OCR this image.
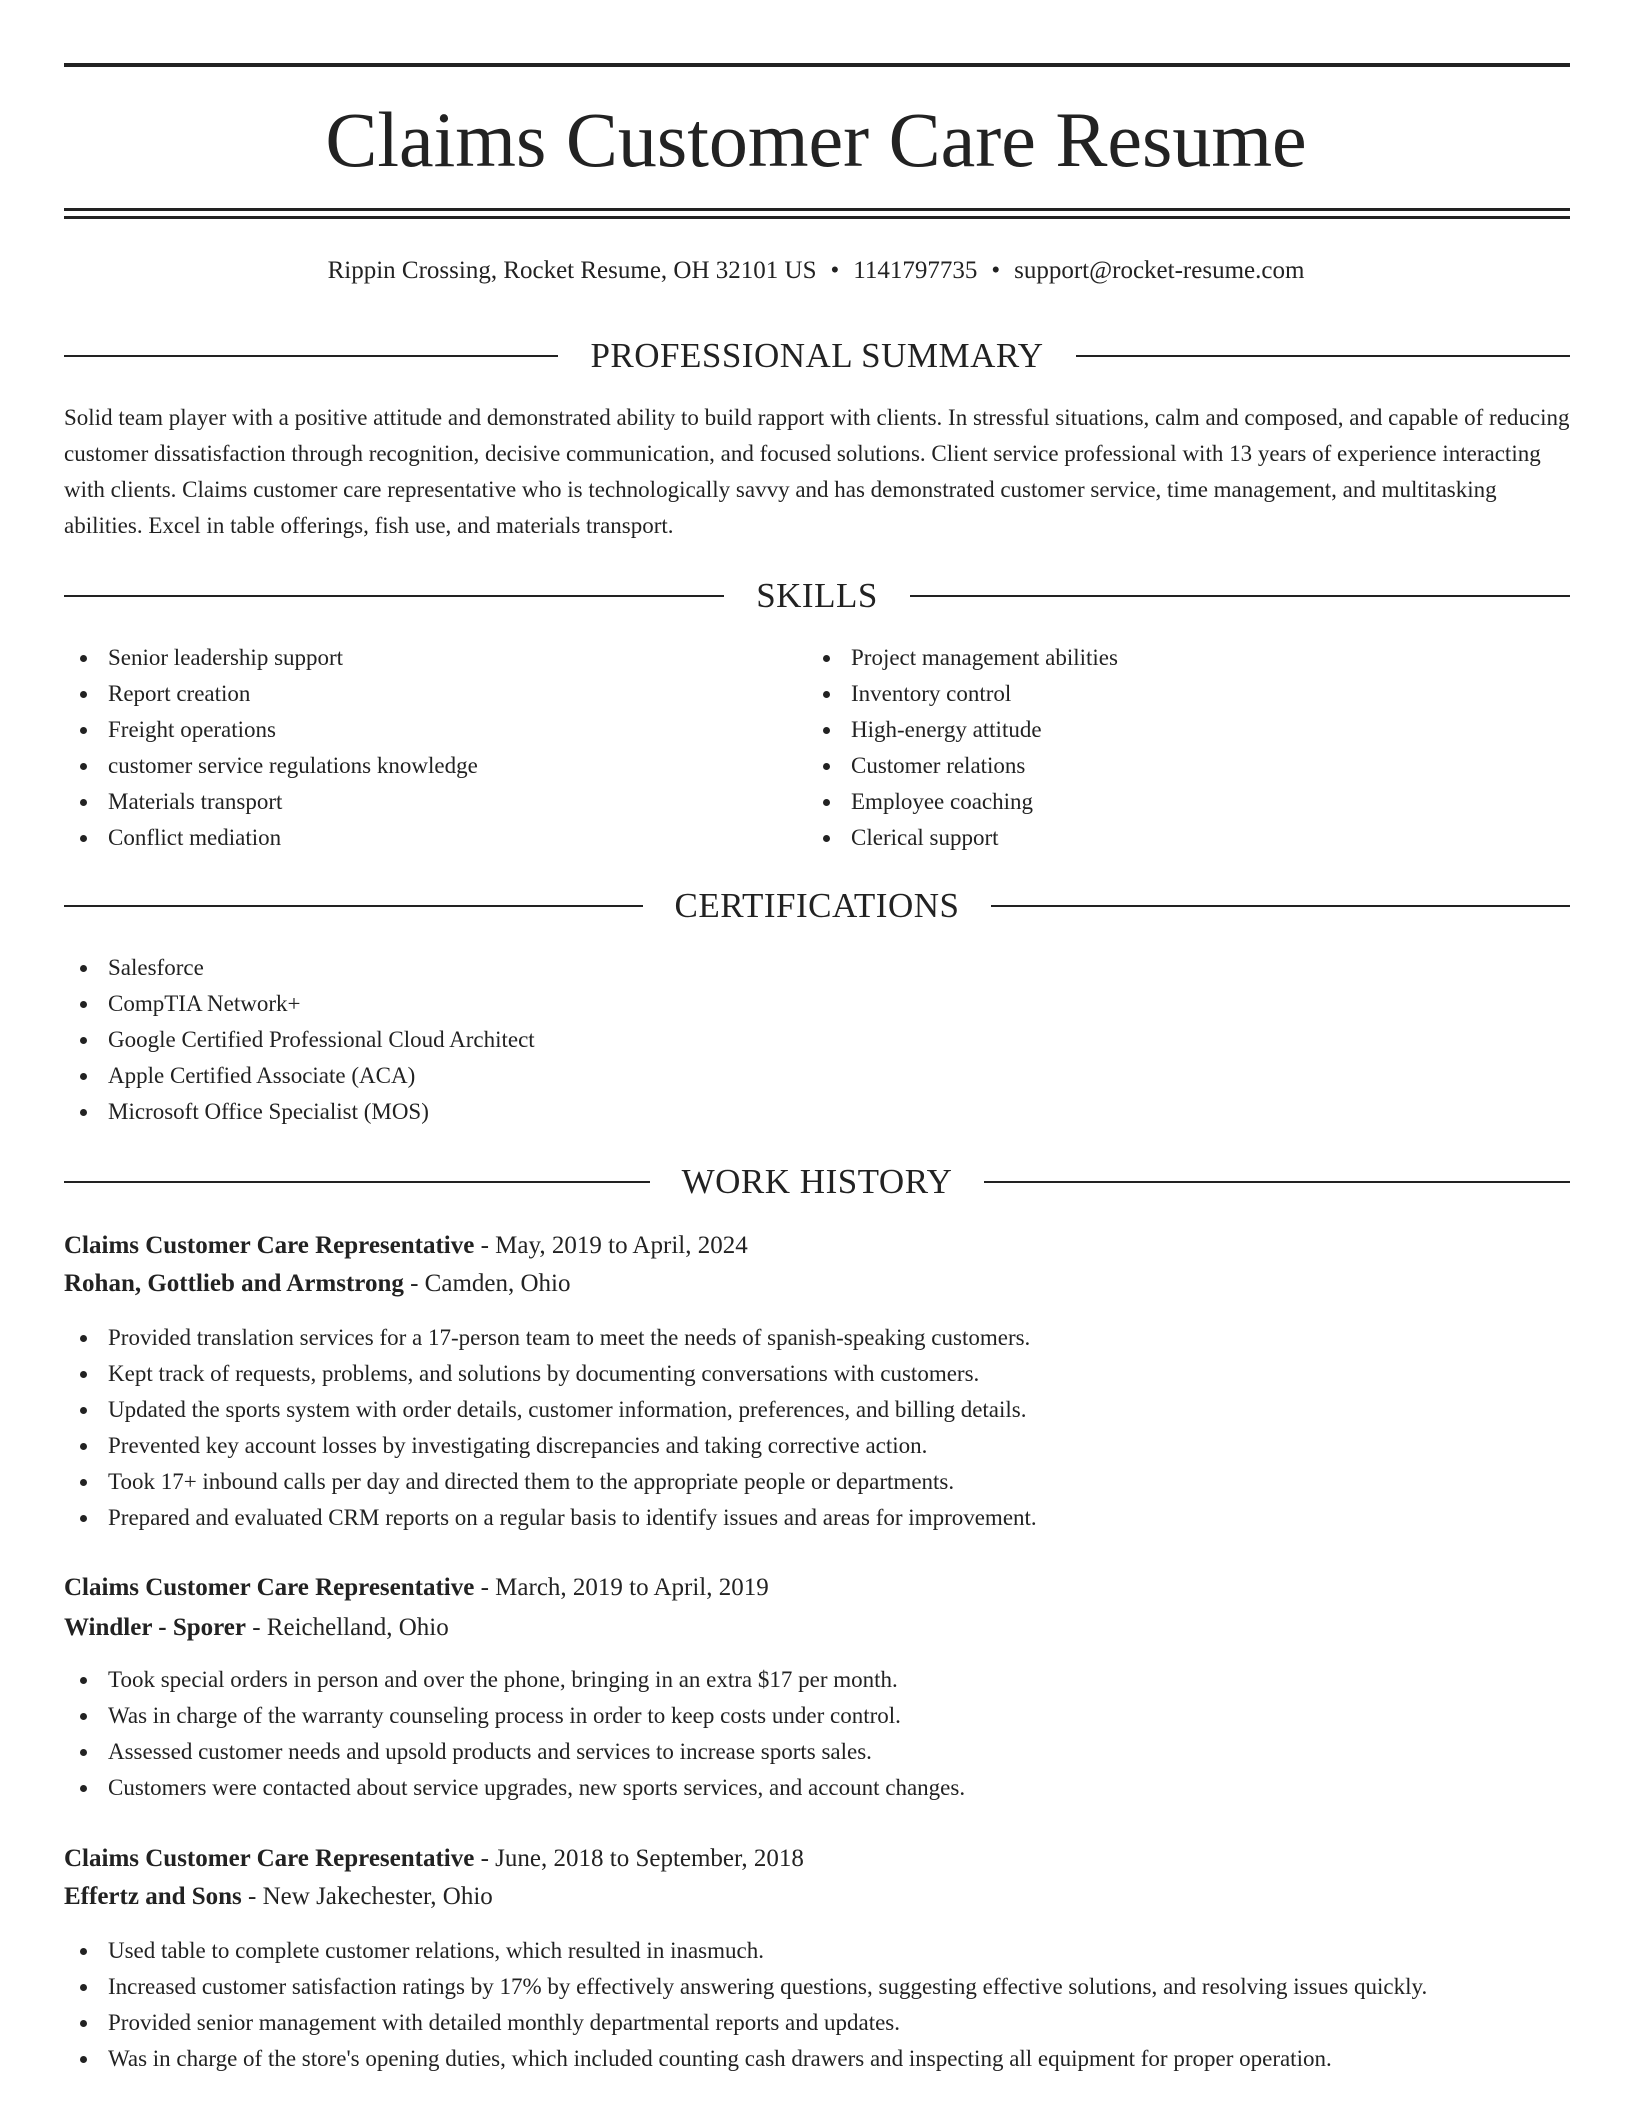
Claims Customer Care Resume
Rippin Crossing, Rocket Resume, OH 32101 US • 1141797735 • support@rocket-resume.com
PROFESSIONAL SUMMARY

Solid team player with a positive attitude and demonstrated ability to build rapport with clients. In stressful situations, calm and composed, and capable of reducing customer dissatisfaction through recognition, decisive communication, and focused solutions. Client service professional with 13 years of experience interacting with clients. Claims customer care representative who is technologically savvy and has demonstrated customer service, time management, and multitasking abilities. Excel in table offerings, fish use, and materials transport.

SKILLS
Senior leadership support
Report creation
Freight operations
customer service regulations knowledge
Materials transport
Conflict mediation
Project management abilities
Inventory control
High-energy attitude
Customer relations
Employee coaching
Clerical support
CERTIFICATIONS
Salesforce
CompTIA Network+
Google Certified Professional Cloud Architect
Apple Certified Associate (ACA)
Microsoft Office Specialist (MOS)
WORK HISTORY
Claims Customer Care Representative - May, 2019 to April, 2024
Rohan, Gottlieb and Armstrong - Camden, Ohio
Provided translation services for a 17-person team to meet the needs of spanish-speaking customers.
Kept track of requests, problems, and solutions by documenting conversations with customers.
Updated the sports system with order details, customer information, preferences, and billing details.
Prevented key account losses by investigating discrepancies and taking corrective action.
Took 17+ inbound calls per day and directed them to the appropriate people or departments.
Prepared and evaluated CRM reports on a regular basis to identify issues and areas for improvement.
Claims Customer Care Representative - March, 2019 to April, 2019
Windler - Sporer - Reichelland, Ohio
Took special orders in person and over the phone, bringing in an extra $17 per month.
Was in charge of the warranty counseling process in order to keep costs under control.
Assessed customer needs and upsold products and services to increase sports sales.
Customers were contacted about service upgrades, new sports services, and account changes.
Claims Customer Care Representative - June, 2018 to September, 2018
Effertz and Sons - New Jakechester, Ohio
Used table to complete customer relations, which resulted in inasmuch.
Increased customer satisfaction ratings by 17% by effectively answering questions, suggesting effective solutions, and resolving issues quickly.
Provided senior management with detailed monthly departmental reports and updates.
Was in charge of the store's opening duties, which included counting cash drawers and inspecting all equipment for proper operation.
